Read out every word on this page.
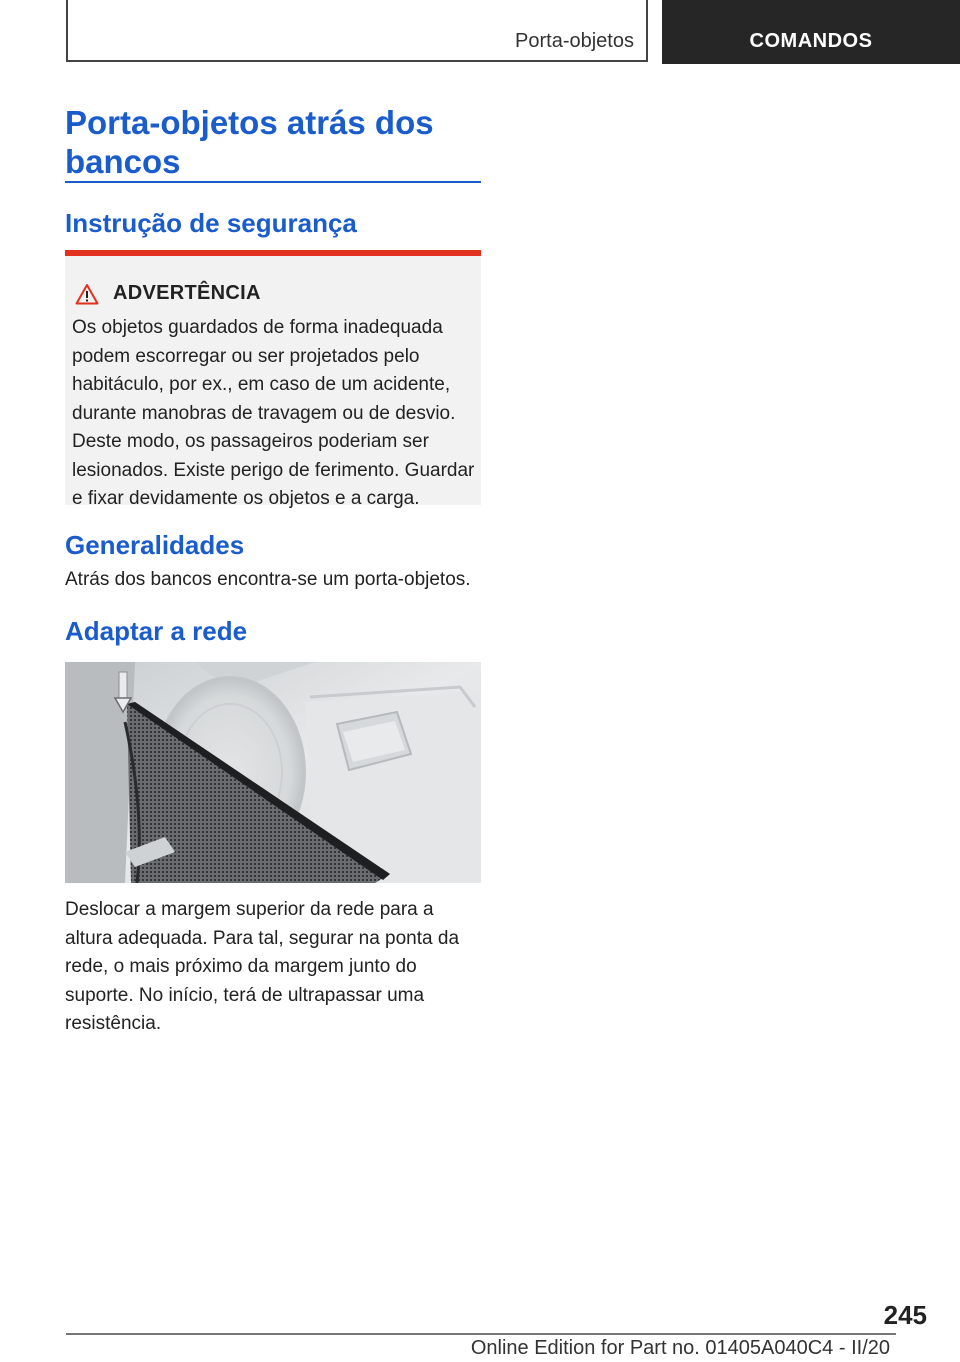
Porta-objetos	COMANDOS
Porta-objetos atrás dos bancos
Instrução de segurança
ADVERTÊNCIA
Os objetos guardados de forma inadequada podem escorregar ou ser projetados pelo habitáculo, por ex., em caso de um acidente, durante manobras de travagem ou de desvio. Deste modo, os passageiros poderiam ser lesionados. Existe perigo de ferimento. Guardar e fixar devidamente os objetos e a carga.
Generalidades
Atrás dos bancos encontra-se um porta-objetos.
Adaptar a rede
Deslocar a margem superior da rede para a altura adequada. Para tal, segurar na ponta da rede, o mais próximo da margem junto do suporte. No início, terá de ultrapassar uma resistência.
245
Online Edition for Part no. 01405A040C4 - II/20
